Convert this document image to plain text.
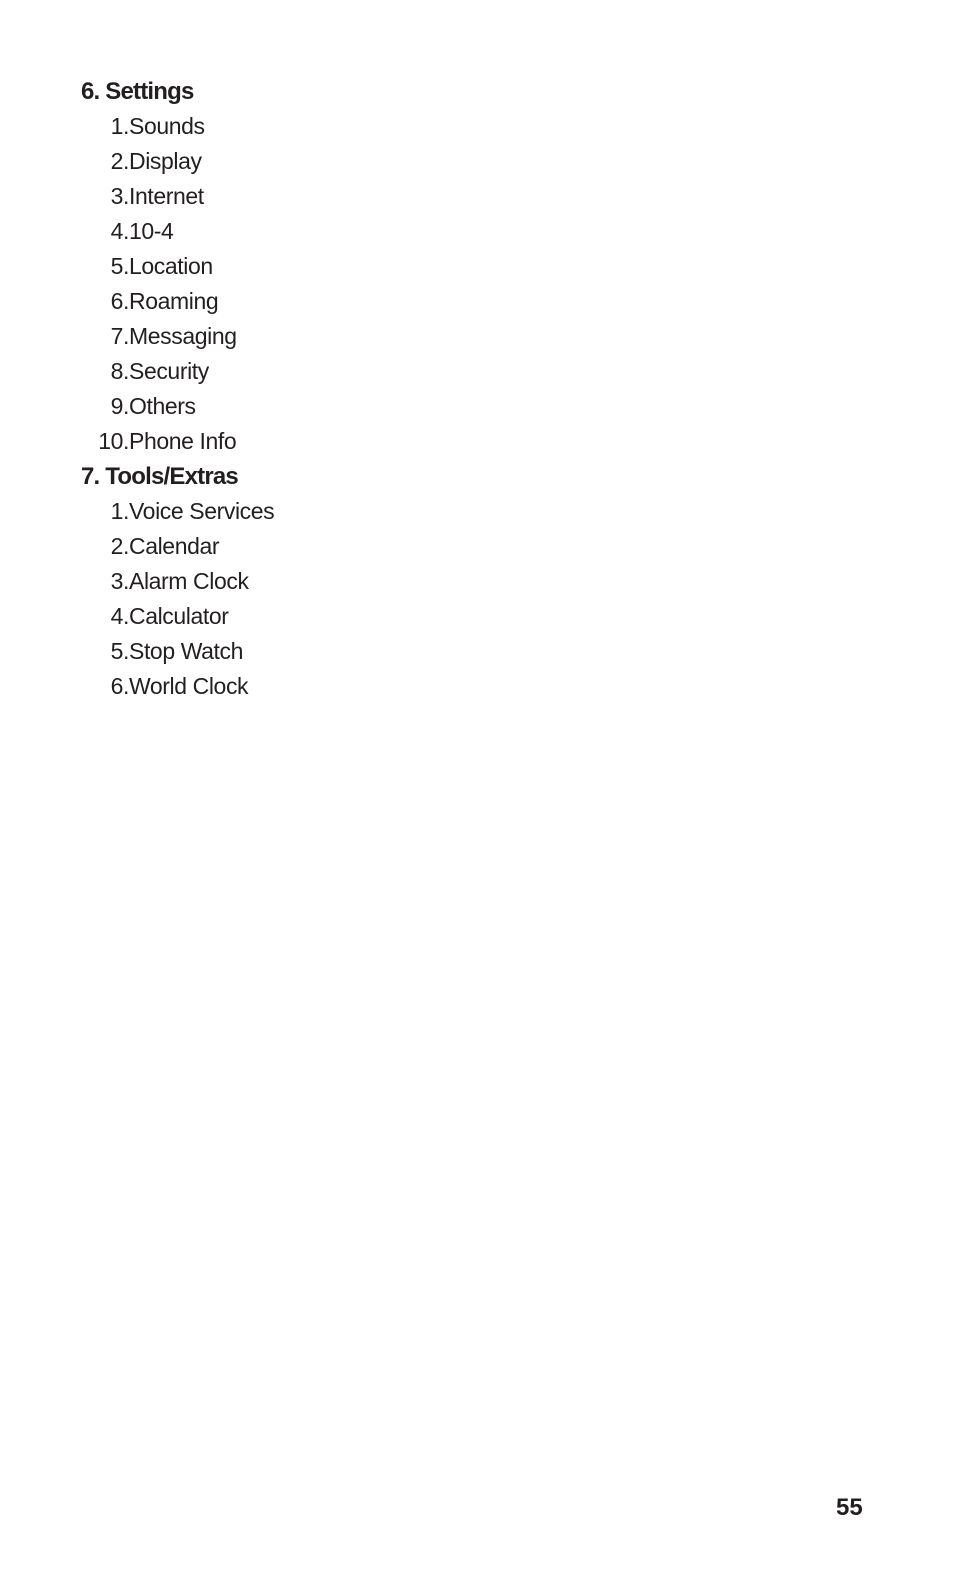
6. Settings
1. Sounds
2. Display
3. Internet
4. 10-4
5. Location
6. Roaming
7. Messaging
8. Security
9. Others
10. Phone Info
7. Tools/Extras
1. Voice Services
2. Calendar
3. Alarm Clock
4. Calculator
5. Stop Watch
6. World Clock
55
